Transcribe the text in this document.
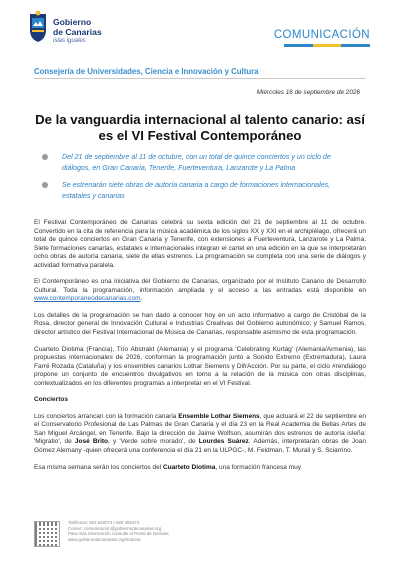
Gobierno
de Canarias
islas iguales	COMUNICACIÓN
Consejería de Universidades, Ciencia e Innovación y Cultura
Miércoles 16 de septiembre de 2026
De la vanguardia internacional al talento canario: así es el VI Festival Contemporáneo
Del 21 de septiembre al 11 de octubre, con un total de quince conciertos y un ciclo de diálogos, en Gran Canaria, Tenerife, Fuerteventura, Lanzarote y La Palma
Se estrenarán siete obras de autoría canaria a cargo de formaciones internacionales, estatales y canarias

El Festival Contemporáneo de Canarias celebrá su sexta edición del 21 de septiembre al 11 de octubre. Convertido en la cita de referencia para la música académica de los siglos XX y XXI en el archipiélago, ofrecerá un total de quince conciertos en Gran Canaria y Tenerife, con extensiones a Fuerteventura, Lanzarote y La Palma. Siete formaciones canarias, estatales e internacionales integran el cartel en una edición en la que se interpretarán ocho obras de autoría canaria, siete de ellas estrenos. La programación se completa con una serie de diálogos y actividad formativa paralela.

El Contemporáneo es una iniciativa del Gobierno de Canarias, organizado por el Instituto Canario de Desarrollo Cultural. Toda la programación, información ampliada y el acceso a las entradas está disponible en www.contemporaneodecanarias.com.

Los detalles de la programación se han dado a conocer hoy en un acto informativo a cargo de Cristóbal de la Rosa, director general de Innovación Cultural e Industrias Creativas del Gobierno autonómico; y Samuel Ramos, director artístico del Festival Internacional de Música de Canarias, responsable asimismo de esta programación.

Cuarteto Diotima (Francia), Trío Abstrakt (Alemania) y el programa 'Celebrating Kurtág' (Alemania/Armenia), las propuestas internacionales de 2026, conforman la programación junto a Sonido Extremo (Extremadura), Laura Farré Rozada (Cataluña) y los ensembles canarios Lothar Siemens y DifrAcción. Por su parte, el ciclo #rendiálogo propone un conjunto de encuentros divulgativos en torno a la relación de la música con otras disciplinas, contextualizados en los diferentes programas a interpretar en el VI Festival.

Conciertos

Los conciertos arrancan con la formación canaria Ensemble Lothar Siemens, que actuará el 22 de septiembre en el Conservatorio Profesional de Las Palmas de Gran Canaria y el día 23 en la Real Academia de Bellas Artes de San Miguel Arcángel, en Tenerife. Bajo la dirección de Jaime Wolfson, asumirán dos estrenos de autoría isleña: 'Migratio', de José Brito, y 'Verde sobre morado', de Lourdes Suárez. Además, interpretarán obras de Joan Gómez Alemany -quien ofrecerá una conferencia el día 21 en la ULPGC-, M. Feldman, T. Murail y S. Sciarrino.

Esa misma semana serán los conciertos del Cuarteto Diotima, una formación francesa muy

Teléfonos: 922 592073 / 928 455372
Correo: comunicacion@gobiernodecanarias.org
Para más información consulte el Portal de Noticias
www.gobiernodecanarias.org/noticias
